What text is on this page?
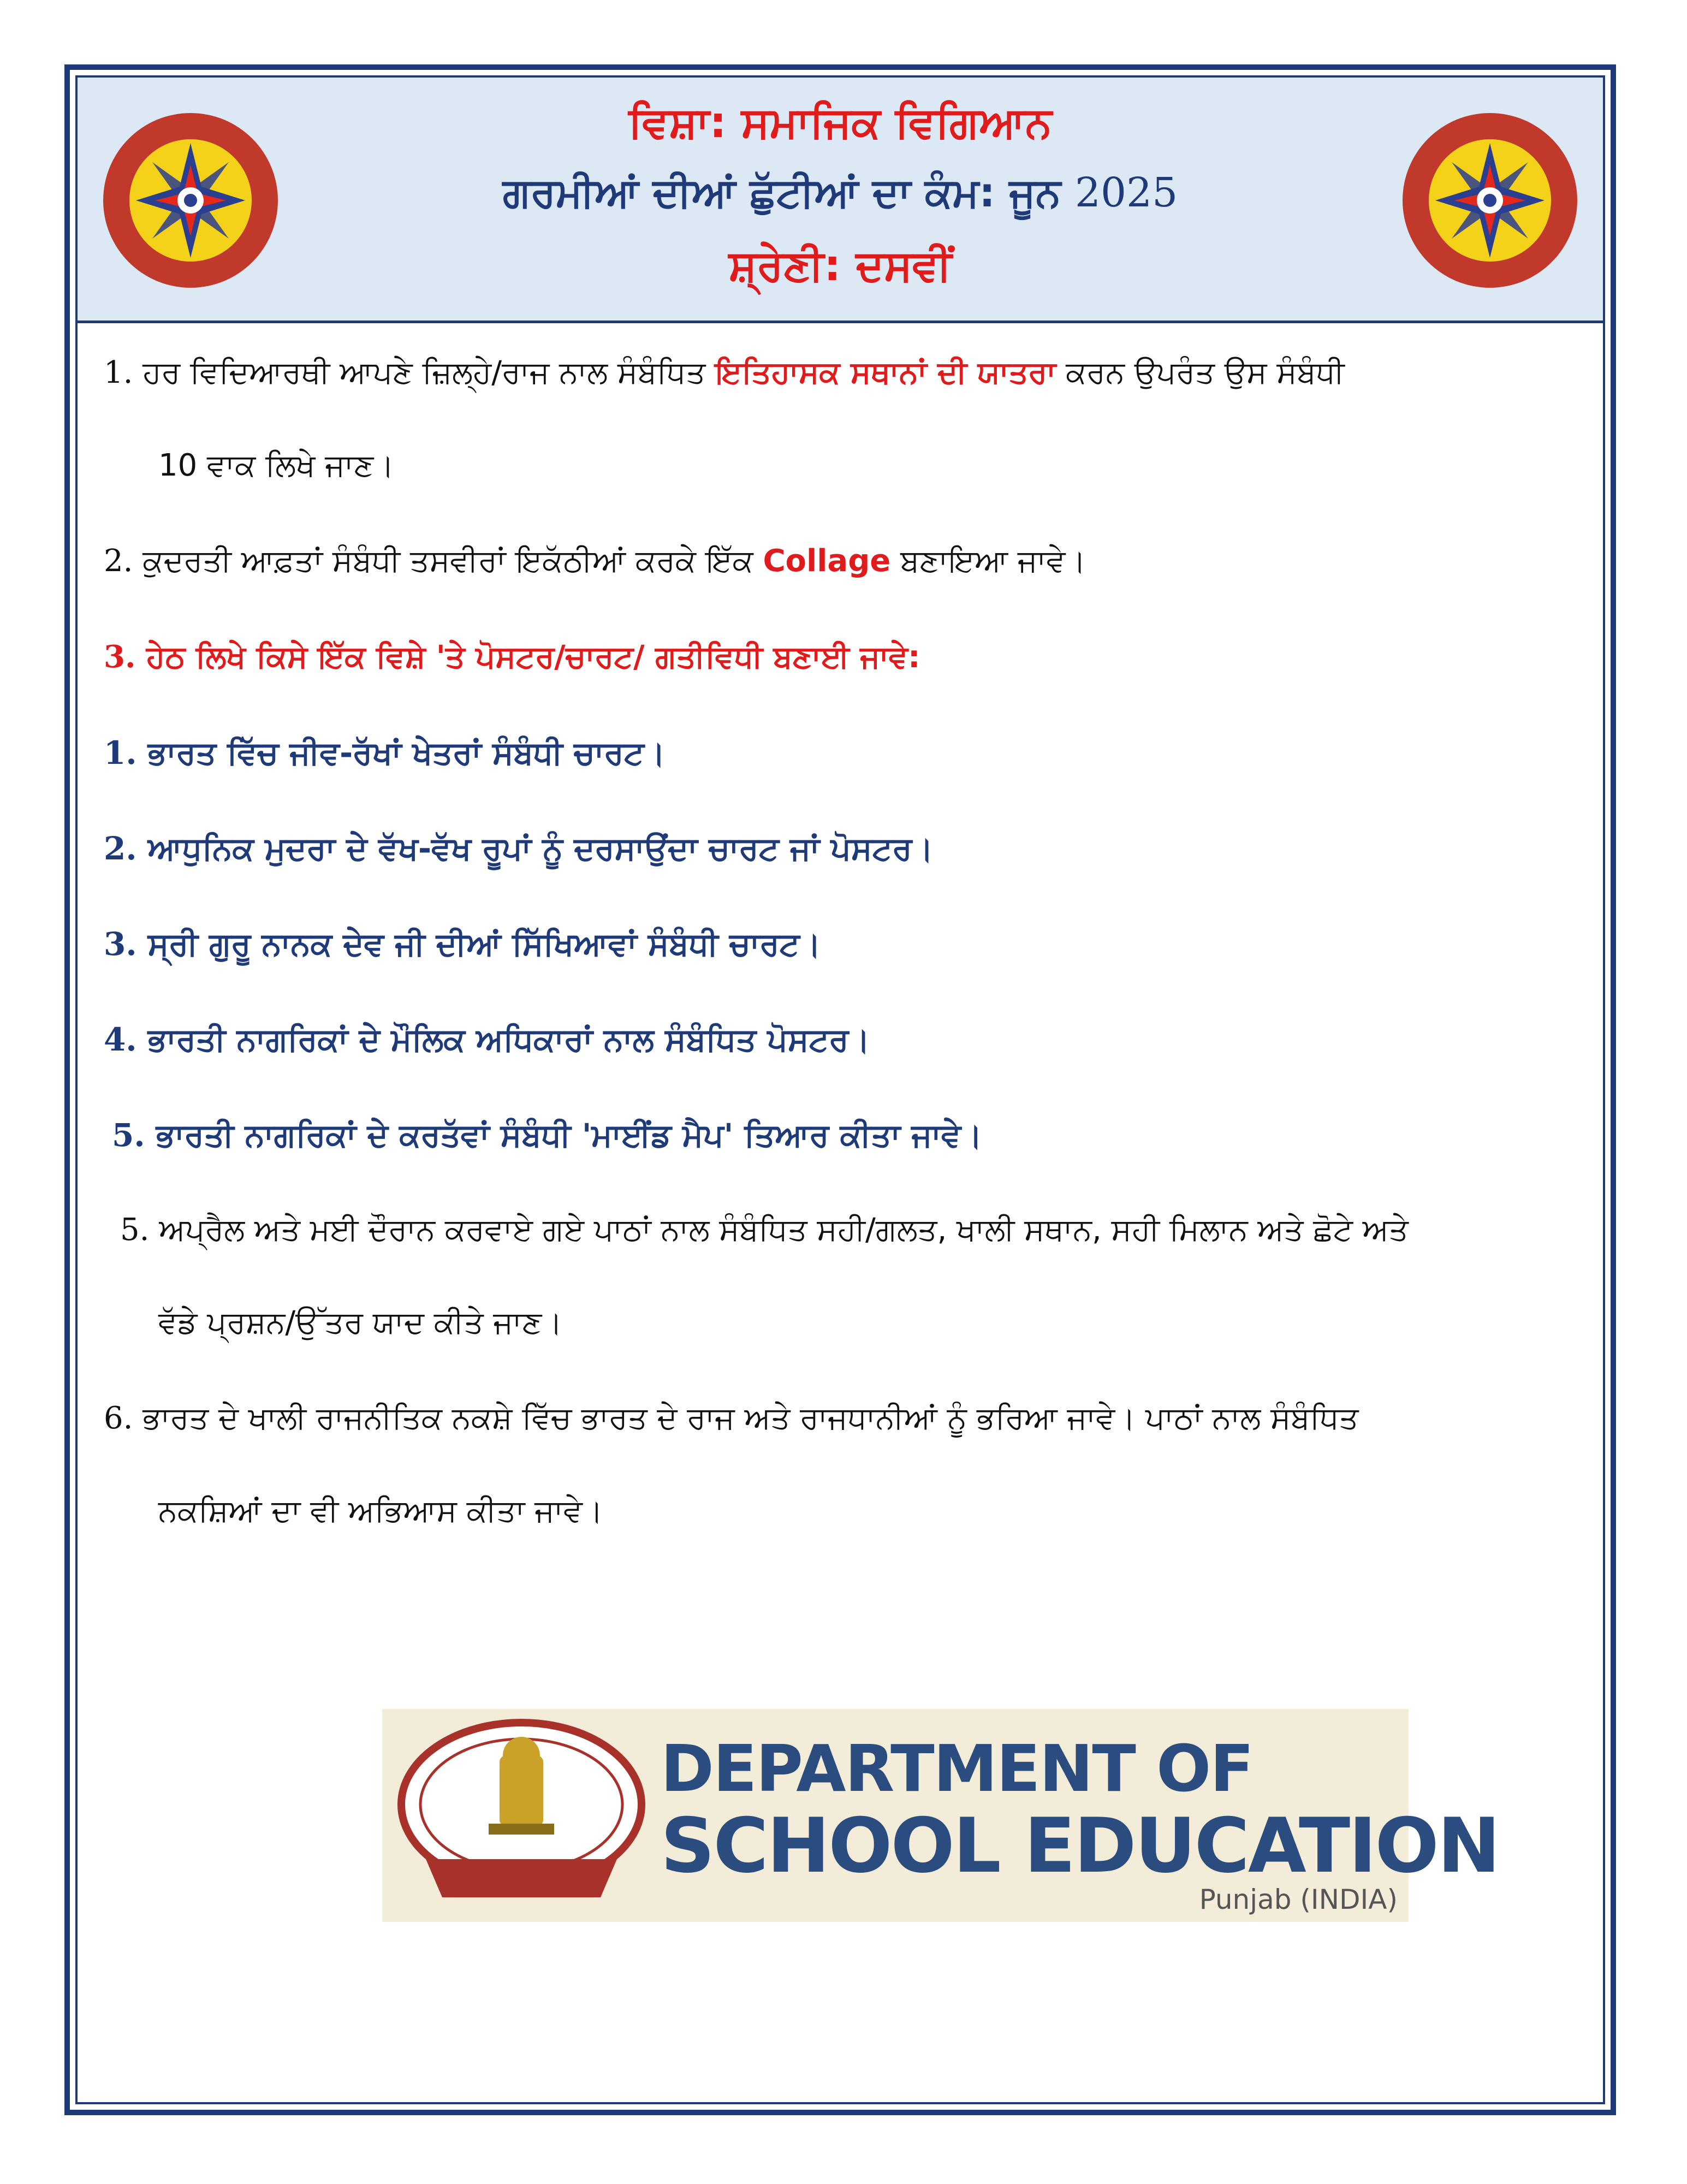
ਵਿਸ਼ਾ: ਸਮਾਜਿਕ ਵਿਗਿਆਨ
ਗਰਮੀਆਂ ਦੀਆਂ ਛੁੱਟੀਆਂ ਦਾ ਕੰਮ: ਜੂਨ 2025
ਸ਼੍ਰੇਣੀ: ਦਸਵੀਂ
1. ਹਰ ਵਿਦਿਆਰਥੀ ਆਪਣੇ ਜ਼ਿਲ੍ਹੇ/ਰਾਜ ਨਾਲ ਸੰਬੰਧਿਤ ਇਤਿਹਾਸਕ ਸਥਾਨਾਂ ਦੀ ਯਾਤਰਾ ਕਰਨ ਉਪਰੰਤ ਉਸ ਸੰਬੰਧੀ
10 ਵਾਕ ਲਿਖੇ ਜਾਣ।
2. ਕੁਦਰਤੀ ਆਫ਼ਤਾਂ ਸੰਬੰਧੀ ਤਸਵੀਰਾਂ ਇਕੱਠੀਆਂ ਕਰਕੇ ਇੱਕ Collage ਬਣਾਇਆ ਜਾਵੇ।
3. ਹੇਠ ਲਿਖੇ ਕਿਸੇ ਇੱਕ ਵਿਸ਼ੇ 'ਤੇ ਪੋਸਟਰ/ਚਾਰਟ/ ਗਤੀਵਿਧੀ ਬਣਾਈ ਜਾਵੇ:
1. ਭਾਰਤ ਵਿੱਚ ਜੀਵ-ਰੱਖਾਂ ਖੇਤਰਾਂ ਸੰਬੰਧੀ ਚਾਰਟ।
2. ਆਧੁਨਿਕ ਮੁਦਰਾ ਦੇ ਵੱਖ-ਵੱਖ ਰੂਪਾਂ ਨੂੰ ਦਰਸਾਉਂਦਾ ਚਾਰਟ ਜਾਂ ਪੋਸਟਰ।
3. ਸ੍ਰੀ ਗੁਰੂ ਨਾਨਕ ਦੇਵ ਜੀ ਦੀਆਂ ਸਿੱਖਿਆਵਾਂ ਸੰਬੰਧੀ ਚਾਰਟ।
4. ਭਾਰਤੀ ਨਾਗਰਿਕਾਂ ਦੇ ਮੌਲਿਕ ਅਧਿਕਾਰਾਂ ਨਾਲ ਸੰਬੰਧਿਤ ਪੋਸਟਰ।
5. ਭਾਰਤੀ ਨਾਗਰਿਕਾਂ ਦੇ ਕਰਤੱਵਾਂ ਸੰਬੰਧੀ 'ਮਾਈਂਡ ਮੈਪ' ਤਿਆਰ ਕੀਤਾ ਜਾਵੇ।
5. ਅਪ੍ਰੈਲ ਅਤੇ ਮਈ ਦੌਰਾਨ ਕਰਵਾਏ ਗਏ ਪਾਠਾਂ ਨਾਲ ਸੰਬੰਧਿਤ ਸਹੀ/ਗਲਤ, ਖਾਲੀ ਸਥਾਨ, ਸਹੀ ਮਿਲਾਨ ਅਤੇ ਛੋਟੇ ਅਤੇ
ਵੱਡੇ ਪ੍ਰਸ਼ਨ/ਉੱਤਰ ਯਾਦ ਕੀਤੇ ਜਾਣ।
6. ਭਾਰਤ ਦੇ ਖਾਲੀ ਰਾਜਨੀਤਿਕ ਨਕਸ਼ੇ ਵਿੱਚ ਭਾਰਤ ਦੇ ਰਾਜ ਅਤੇ ਰਾਜਧਾਨੀਆਂ ਨੂੰ ਭਰਿਆ ਜਾਵੇ। ਪਾਠਾਂ ਨਾਲ ਸੰਬੰਧਿਤ
ਨਕਸ਼ਿਆਂ ਦਾ ਵੀ ਅਭਿਆਸ ਕੀਤਾ ਜਾਵੇ।
DEPARTMENT OF
SCHOOL EDUCATION
Punjab (INDIA)
